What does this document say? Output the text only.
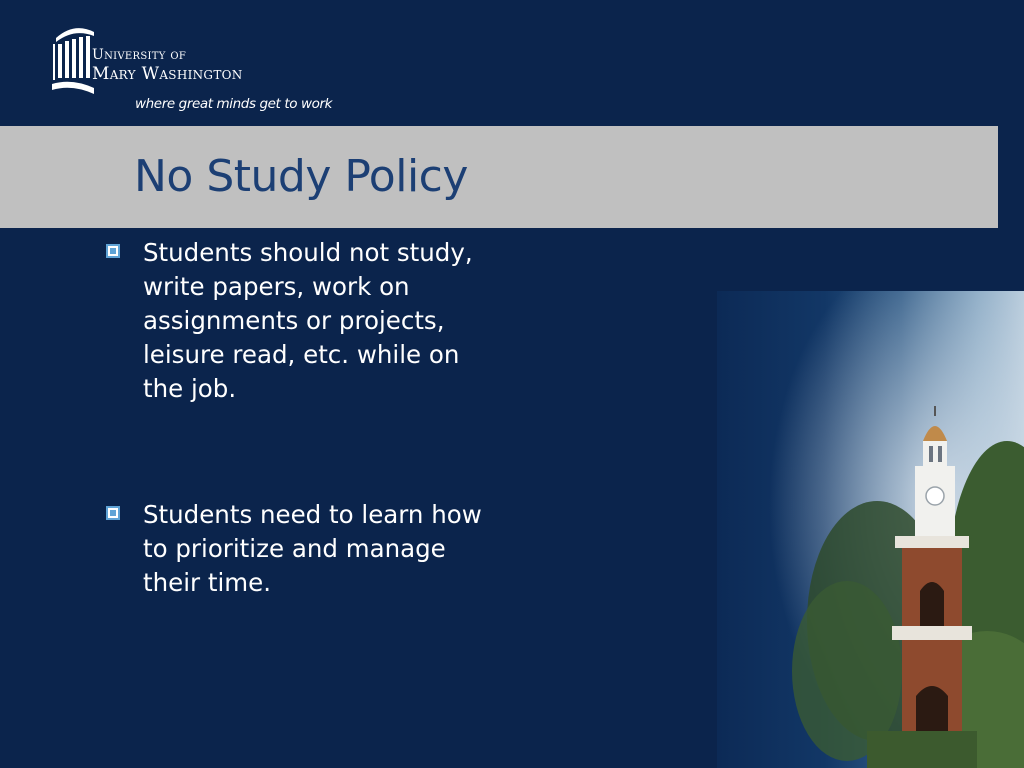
University of
Mary Washington
where great minds get to work
No Study Policy
Students should not study, write papers, work on assignments or projects, leisure read, etc. while on the job.
Students need to learn how to prioritize and manage their time.
